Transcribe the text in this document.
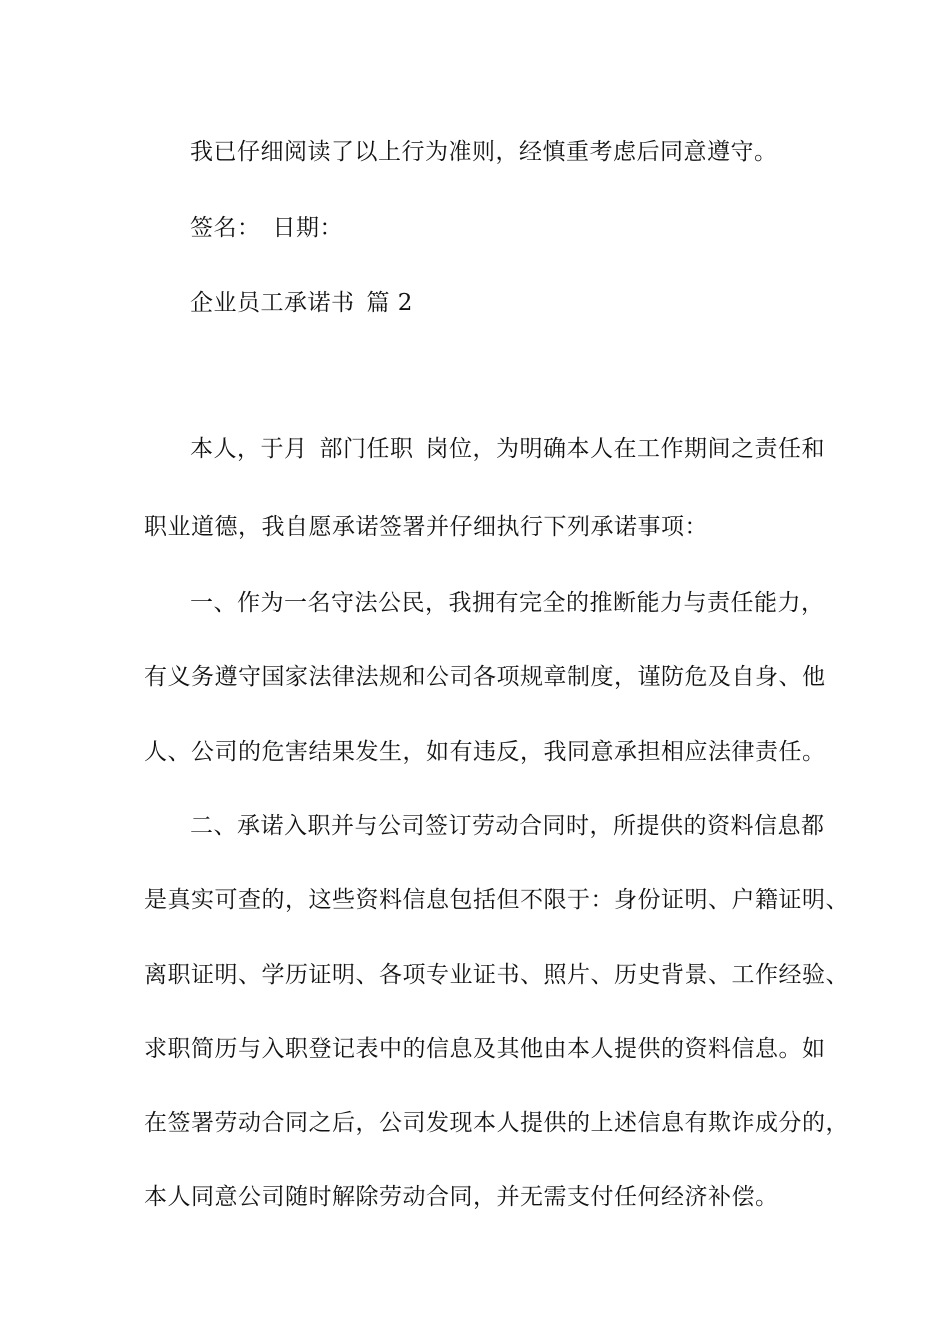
我已仔细阅读了以上行为准则，经慎重考虑后同意遵守。
签名： 日期：
企业员工承诺书 篇 2
本人，于月 部门任职 岗位，为明确本人在工作期间之责任和
职业道德，我自愿承诺签署并仔细执行下列承诺事项：
一、作为一名守法公民，我拥有完全的推断能力与责任能力，
有义务遵守国家法律法规和公司各项规章制度，谨防危及自身、他
人、公司的危害结果发生，如有违反，我同意承担相应法律责任。
二、承诺入职并与公司签订劳动合同时，所提供的资料信息都
是真实可查的，这些资料信息包括但不限于：身份证明、户籍证明、
离职证明、学历证明、各项专业证书、照片、历史背景、工作经验、
求职简历与入职登记表中的信息及其他由本人提供的资料信息。如
在签署劳动合同之后，公司发现本人提供的上述信息有欺诈成分的，
本人同意公司随时解除劳动合同，并无需支付任何经济补偿。
